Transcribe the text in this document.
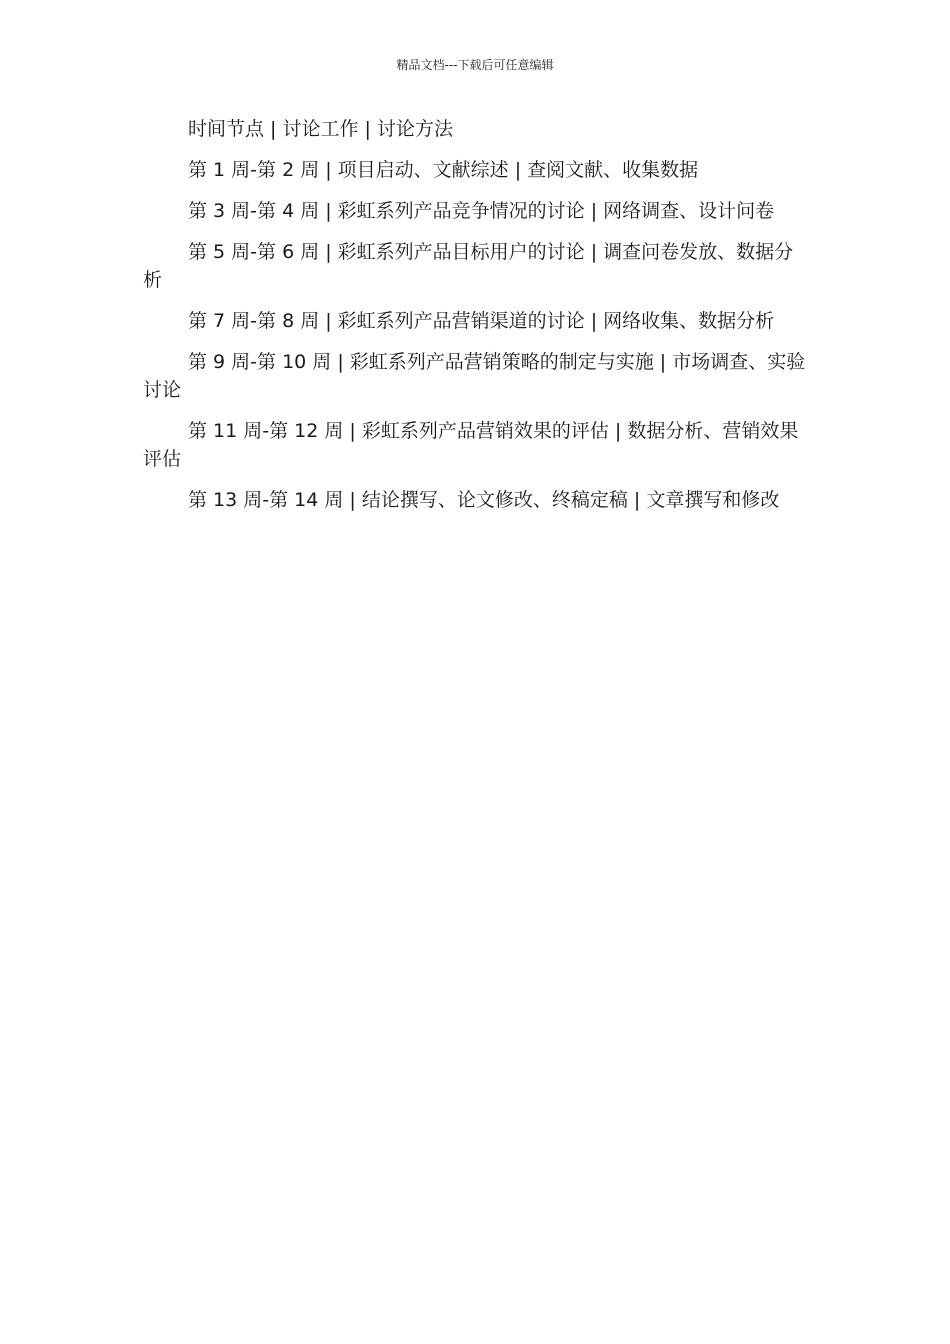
精品文档---下载后可任意编辑

时间节点 | 讨论工作 | 讨论方法

第 1 周-第 2 周 | 项目启动、文献综述 | 查阅文献、收集数据

第 3 周-第 4 周 | 彩虹系列产品竞争情况的讨论 | 网络调查、设计问卷

第 5 周-第 6 周 | 彩虹系列产品目标用户的讨论 | 调查问卷发放、数据分析

第 7 周-第 8 周 | 彩虹系列产品营销渠道的讨论 | 网络收集、数据分析

第 9 周-第 10 周 | 彩虹系列产品营销策略的制定与实施 | 市场调查、实验讨论

第 11 周-第 12 周 | 彩虹系列产品营销效果的评估 | 数据分析、营销效果评估

第 13 周-第 14 周 | 结论撰写、论文修改、终稿定稿 | 文章撰写和修改
